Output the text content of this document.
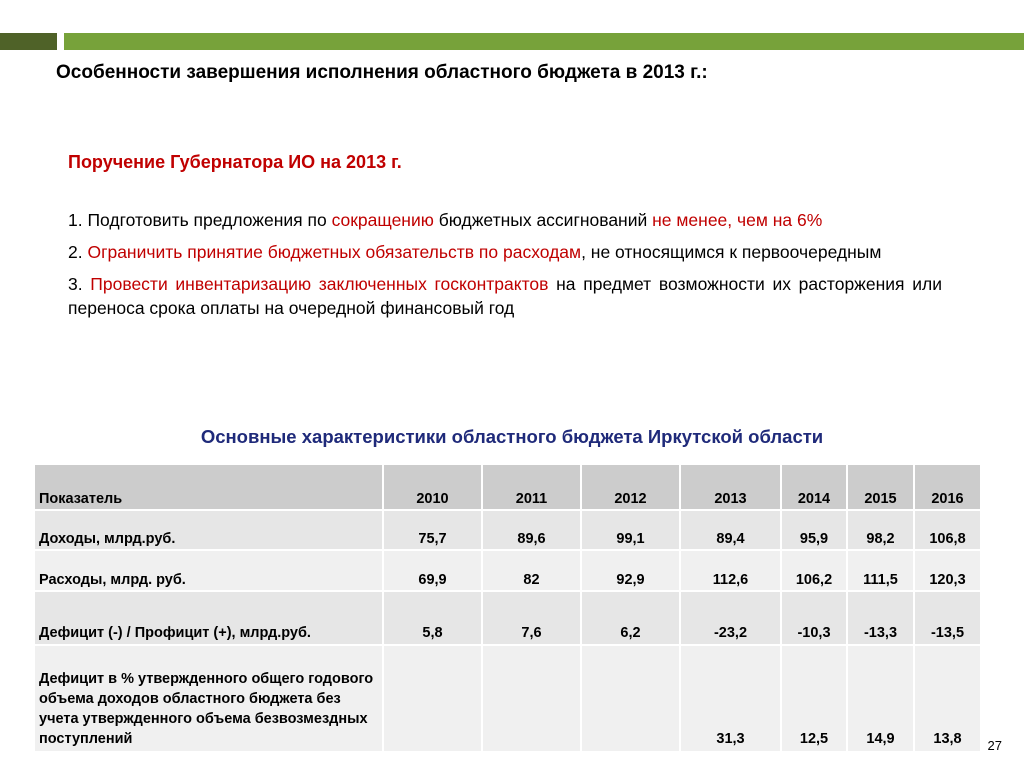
Особенности завершения исполнения областного бюджета в 2013 г.:
Поручение Губернатора ИО на 2013 г.

1. Подготовить предложения по сокращению бюджетных ассигнований не менее, чем на 6%

2. Ограничить принятие бюджетных обязательств по расходам, не относящимся к первоочередным

3. Провести инвентаризацию заключенных госконтрактов на предмет возможности их расторжения или переноса срока оплаты на очередной финансовый год

Основные характеристики областного бюджета Иркутской области
Показатель	2010	2011	2012	2013	2014	2015	2016
Доходы, млрд.руб.	75,7	89,6	99,1	89,4	95,9	98,2	106,8
Расходы, млрд. руб.	69,9	82	92,9	112,6	106,2	111,5	120,3
Дефицит (-) / Профицит (+), млрд.руб.	5,8	7,6	6,2	-23,2	-10,3	-13,3	-13,5
Дефицит в % утвержденного общего годового объема доходов областного бюджета без учета утвержденного объема безвозмездных поступлений				31,3	12,5	14,9	13,8 27
